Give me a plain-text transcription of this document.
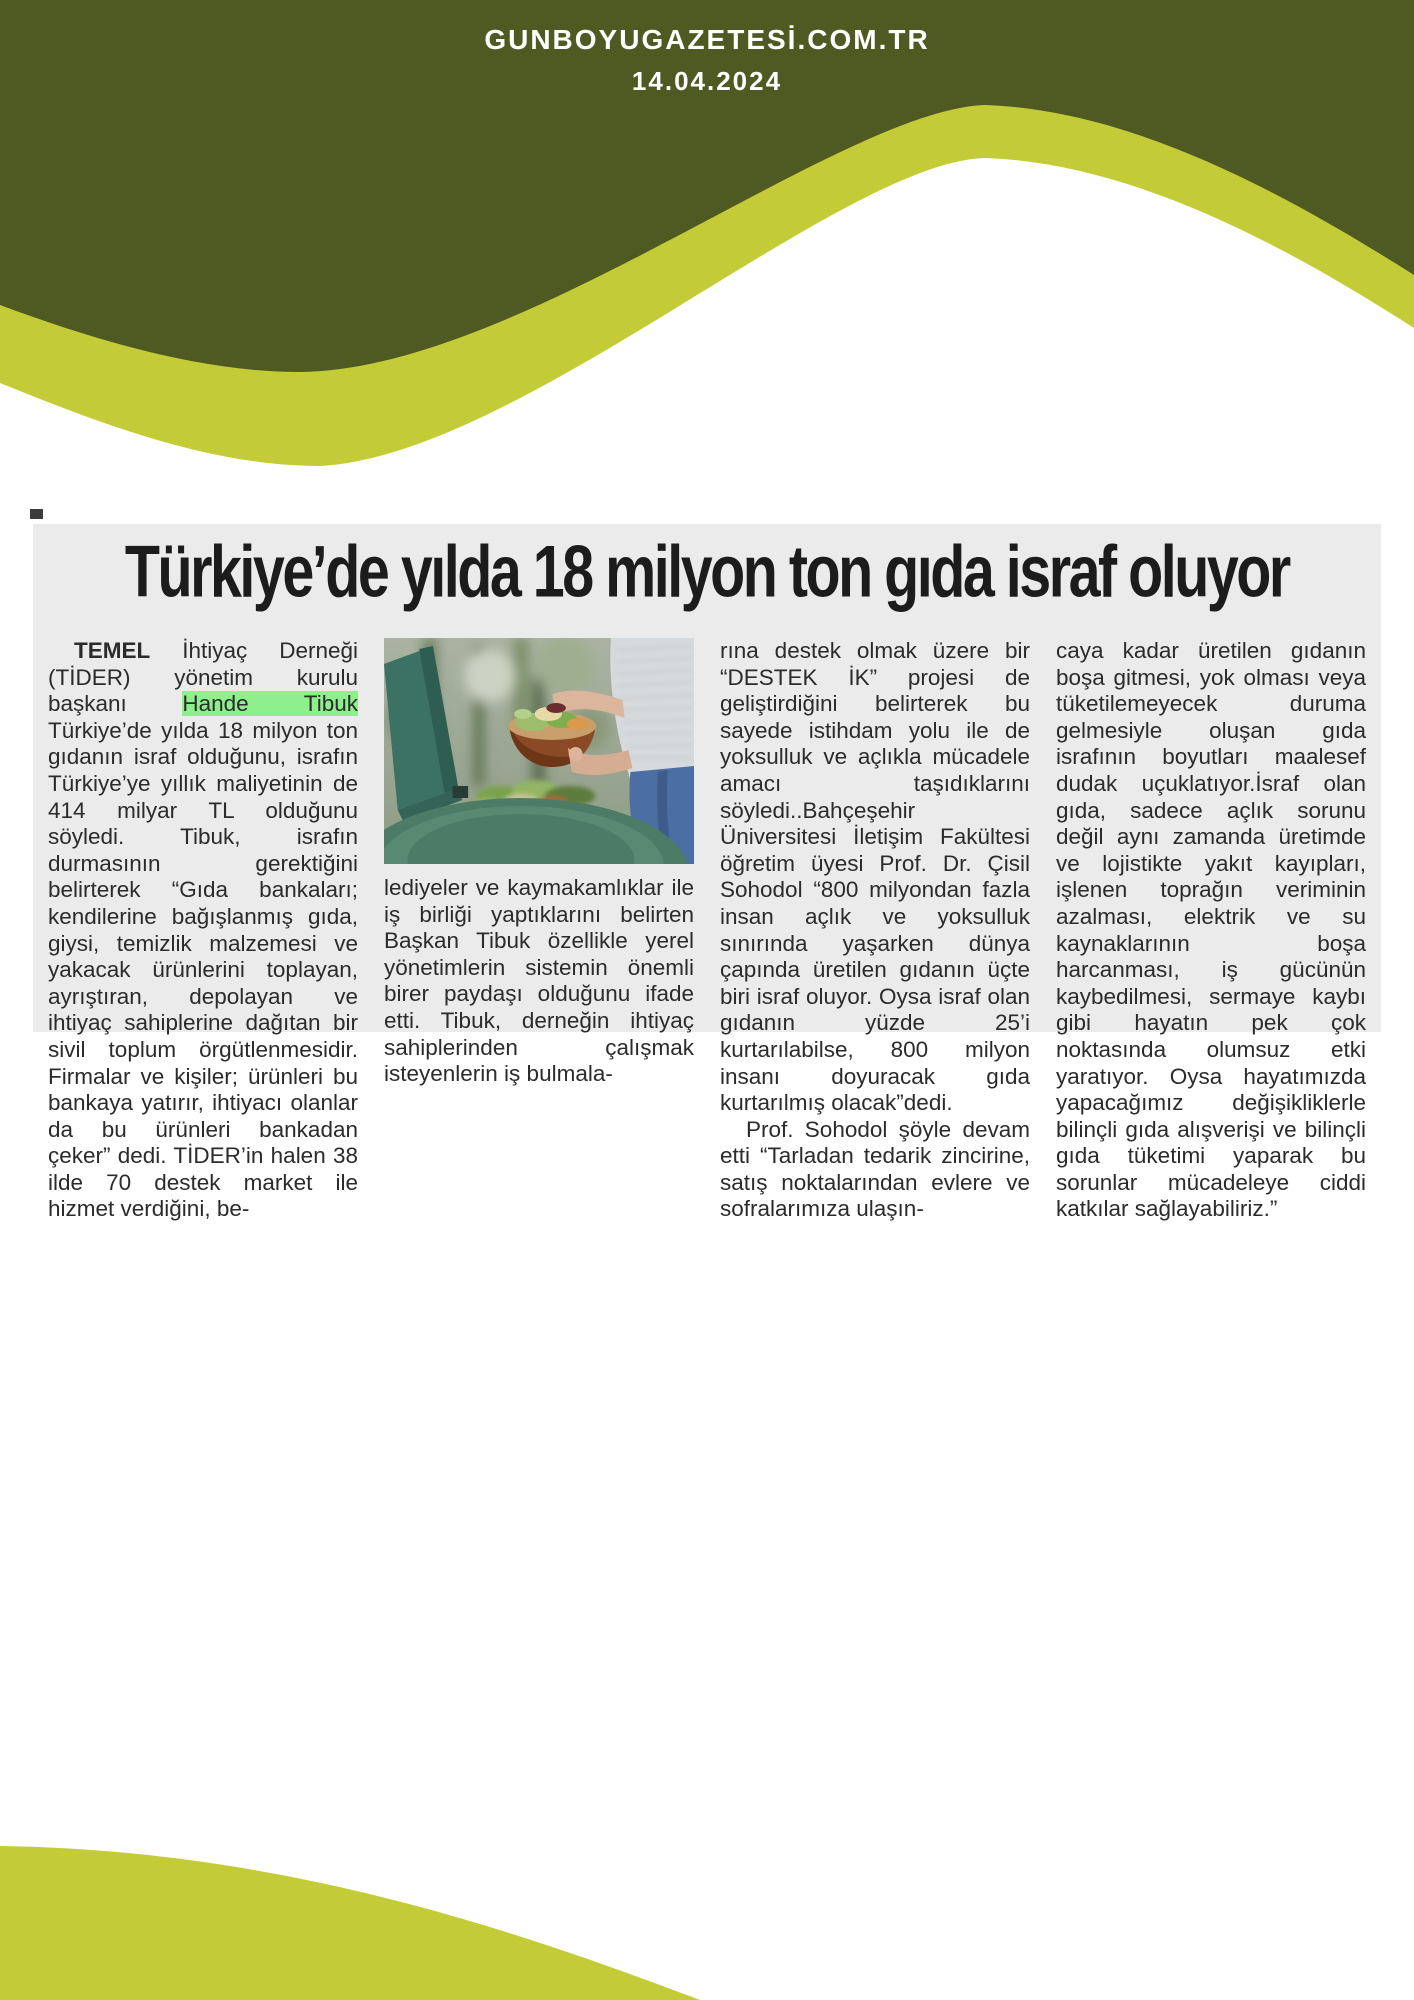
GUNBOYUGAZETESİ.COM.TR
14.04.2024
Türkiye’de yılda 18 milyon ton gıda israf oluyor

TEMEL İhtiyaç Derneği (TİDER) yönetim kurulu başkanı Hande Tibuk Türkiye’de yılda 18 milyon ton gıdanın israf olduğunu, israfın Türkiye’ye yıllık maliyetinin de 414 milyar TL olduğunu söyledi. Tibuk, israfın durmasının gerektiğini belirterek “Gıda bankaları; kendilerine bağışlanmış gıda, giysi, temizlik malzemesi ve yakacak ürünlerini toplayan, ayrıştıran, depolayan ve ihtiyaç sahiplerine dağıtan bir sivil toplum örgütlenmesidir. Firmalar ve kişiler; ürünleri bu bankaya yatırır, ihtiyacı olanlar da bu ürünleri bankadan çeker” dedi. TİDER’in halen 38 ilde 70 destek market ile hizmet verdiğini, be-

lediyeler ve kaymakamlıklar ile iş birliği yaptıklarını belirten Başkan Tibuk özellikle yerel yönetimlerin sistemin önemli birer paydaşı olduğunu ifade etti. Tibuk, derneğin ihtiyaç sahiplerinden çalışmak isteyenlerin iş bulmala-

rına destek olmak üzere bir “DESTEK İK” projesi de geliştirdiğini belirterek bu sayede istihdam yolu ile de yoksulluk ve açlıkla mücadele amacı taşıdıklarını söyledi..Bahçeşehir Üniversitesi İletişim Fakültesi öğretim üyesi Prof. Dr. Çisil Sohodol “800 milyondan fazla insan açlık ve yoksulluk sınırında yaşarken dünya çapında üretilen gıdanın üçte biri israf oluyor. Oysa israf olan gıdanın yüzde 25’i kurtarılabilse, 800 milyon insanı doyuracak gıda kurtarılmış olacak”dedi.

Prof. Sohodol şöyle devam etti “Tarladan tedarik zincirine, satış noktalarından evlere ve sofralarımıza ulaşın-

caya kadar üretilen gıdanın boşa gitmesi, yok olması veya tüketilemeyecek duruma gelmesiyle oluşan gıda israfının boyutları maalesef dudak uçuklatıyor.İsraf olan gıda, sadece açlık sorunu değil aynı zamanda üretimde ve lojistikte yakıt kayıpları, işlenen toprağın veriminin azalması, elektrik ve su kaynaklarının boşa harcanması, iş gücünün kaybedilmesi, sermaye kaybı gibi hayatın pek çok noktasında olumsuz etki yaratıyor. Oysa hayatımızda yapacağımız değişikliklerle bilinçli gıda alışverişi ve bilinçli gıda tüketimi yaparak bu sorunlar mücadeleye ciddi katkılar sağlayabiliriz.”
